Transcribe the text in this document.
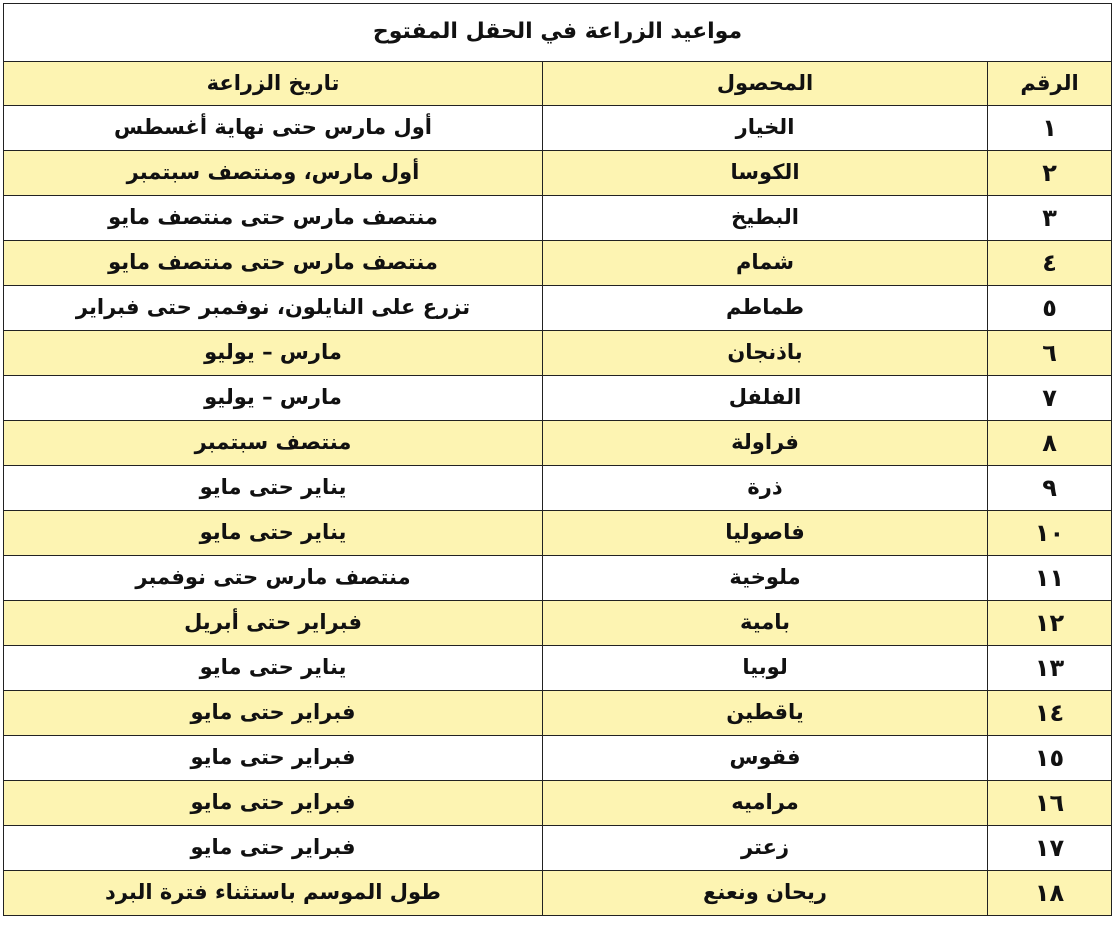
مواعيد الزراعة في الحقل المفتوح		
الرقم	المحصول	تاريخ الزراعة
١	الخيار	أول مارس حتى نهاية أغسطس
٢	الكوسا	أول مارس، ومنتصف سبتمبر
٣	البطيخ	منتصف مارس حتى منتصف مايو
٤	شمام	منتصف مارس حتى منتصف مايو
٥	طماطم	تزرع على النايلون، نوفمبر حتى فبراير
٦	باذنجان	مارس – يوليو
٧	الفلفل	مارس – يوليو
٨	فراولة	منتصف سبتمبر
٩	ذرة	يناير حتى مايو
١٠	فاصوليا	يناير حتى مايو
١١	ملوخية	منتصف مارس حتى نوفمبر
١٢	بامية	فبراير حتى أبريل
١٣	لوبيا	يناير حتى مايو
١٤	ياقطين	فبراير حتى مايو
١٥	فقوس	فبراير حتى مايو
١٦	مراميه	فبراير حتى مايو
١٧	زعتر	فبراير حتى مايو
١٨	ريحان ونعنع	طول الموسم باستثناء فترة البرد
